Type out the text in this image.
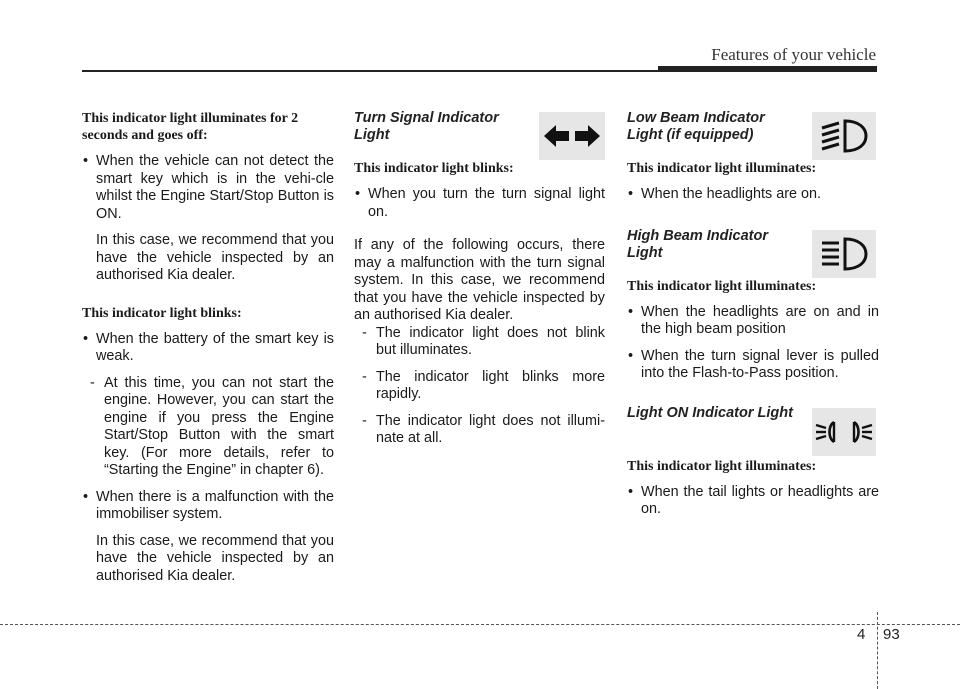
Features of your vehicle
This indicator light illuminates for 2 seconds and goes off:
• When the vehicle can not detect the smart key which is in the vehi-cle whilst the Engine Start/Stop Button is ON.
In this case, we recommend that you have the vehicle inspected by an authorised Kia dealer.
This indicator light blinks:
• When the battery of the smart key is weak.
- At this time, you can not start the engine. However, you can start the engine if you press the Engine Start/Stop Button with the smart key. (For more details, refer to “Starting the Engine” in chapter 6).
• When there is a malfunction with the immobiliser system.
In this case, we recommend that you have the vehicle inspected by an authorised Kia dealer.
Turn Signal Indicator
Light
This indicator light blinks:
• When you turn the turn signal light on.
If any of the following occurs, there may a malfunction with the turn signal system. In this case, we recommend that you have the vehicle inspected by an authorised Kia dealer.
- The indicator light does not blink but illuminates.
- The indicator light blinks more rapidly.
- The indicator light does not illumi-nate at all.
Low Beam Indicator
Light (if equipped)
This indicator light illuminates:
• When the headlights are on.
High Beam Indicator
Light
This indicator light illuminates:
• When the headlights are on and in the high beam position
• When the turn signal lever is pulled into the Flash-to-Pass position.
Light ON Indicator Light
This indicator light illuminates:
• When the tail lights or headlights are on.
4 93
